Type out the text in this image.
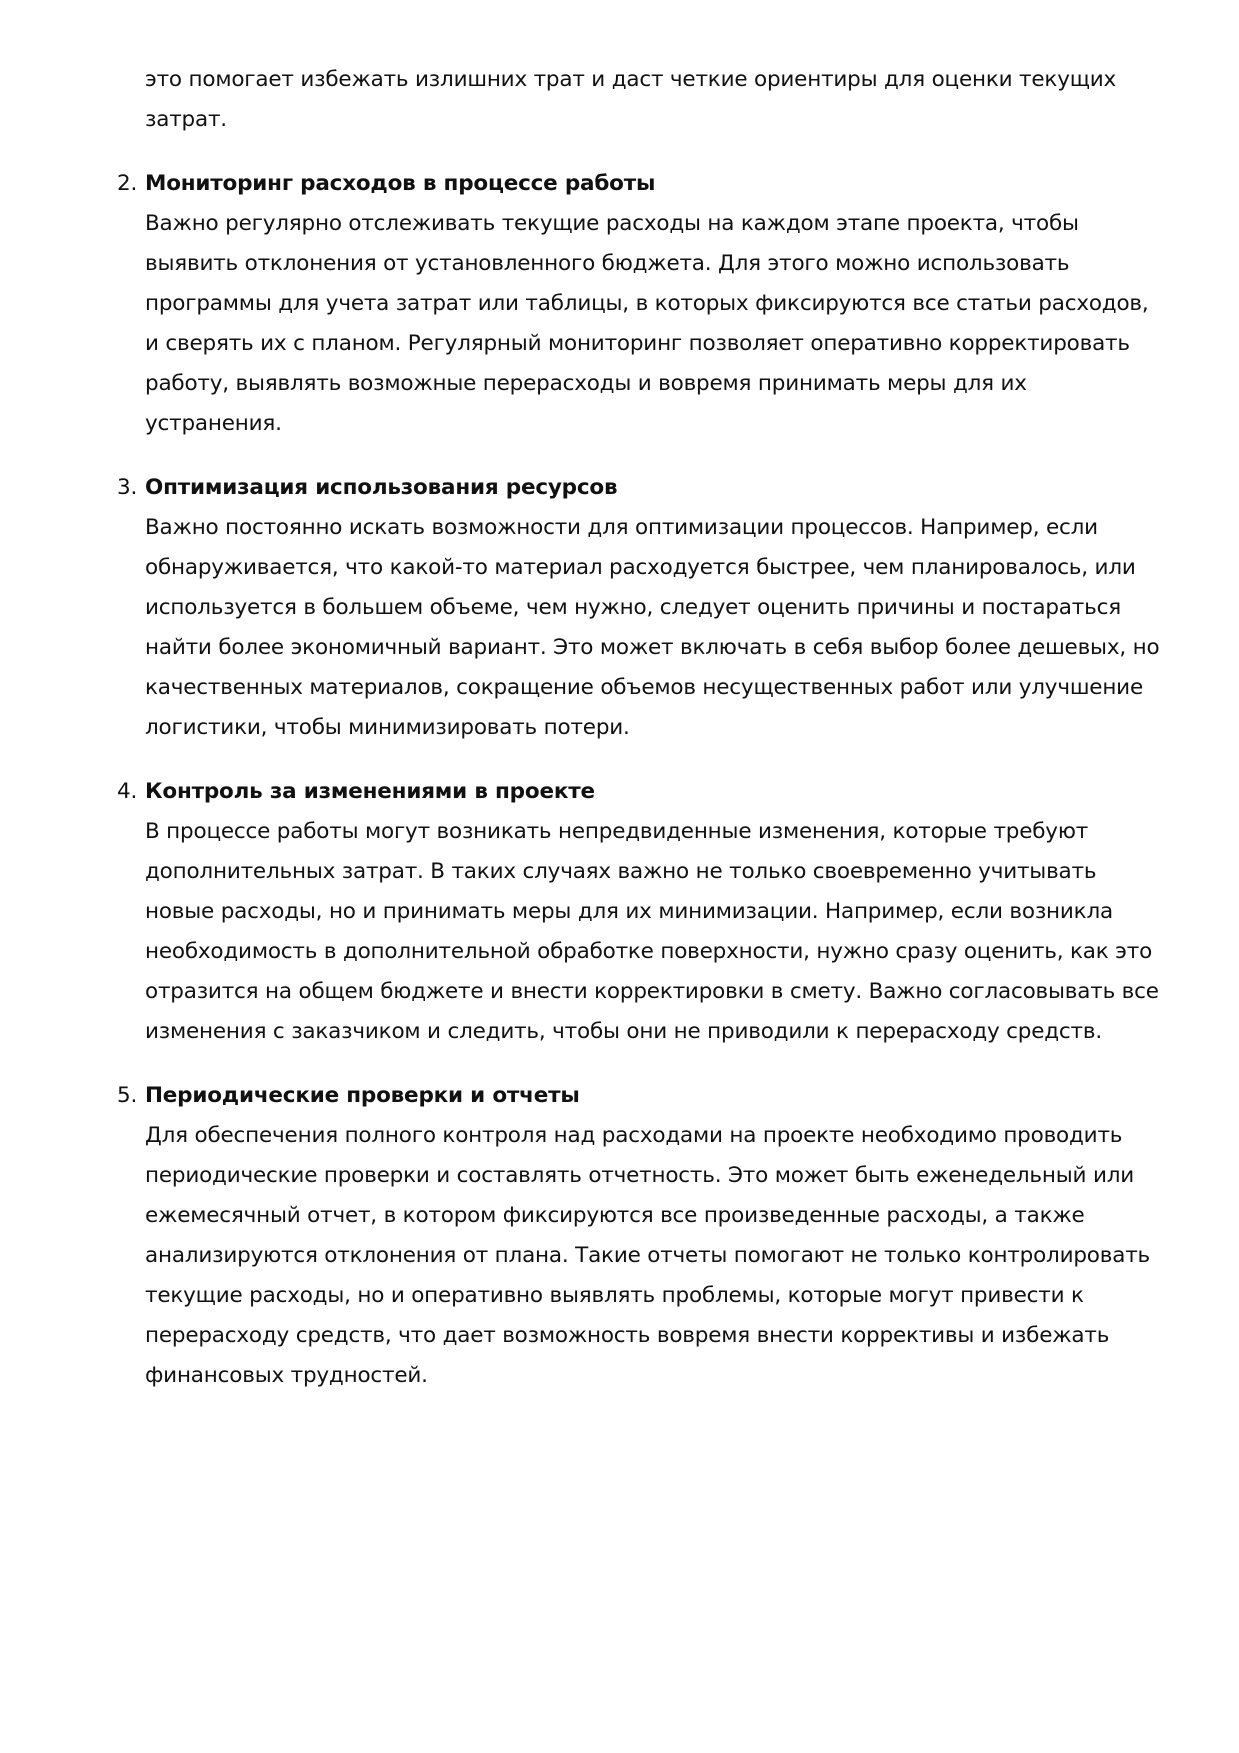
это помогает избежать излишних трат и даст четкие ориентиры для оценки текущих затрат.

2. Мониторинг расходов в процессе работы
Важно регулярно отслеживать текущие расходы на каждом этапе проекта, чтобы выявить отклонения от установленного бюджета. Для этого можно использовать программы для учета затрат или таблицы, в которых фиксируются все статьи расходов, и сверять их с планом. Регулярный мониторинг позволяет оперативно корректировать работу, выявлять возможные перерасходы и вовремя принимать меры для их устранения.
3. Оптимизация использования ресурсов
Важно постоянно искать возможности для оптимизации процессов. Например, если обнаруживается, что какой-то материал расходуется быстрее, чем планировалось, или используется в большем объеме, чем нужно, следует оценить причины и постараться найти более экономичный вариант. Это может включать в себя выбор более дешевых, но качественных материалов, сокращение объемов несущественных работ или улучшение логистики, чтобы минимизировать потери.
4. Контроль за изменениями в проекте
В процессе работы могут возникать непредвиденные изменения, которые требуют дополнительных затрат. В таких случаях важно не только своевременно учитывать новые расходы, но и принимать меры для их минимизации. Например, если возникла необходимость в дополнительной обработке поверхности, нужно сразу оценить, как это отразится на общем бюджете и внести корректировки в смету. Важно согласовывать все изменения с заказчиком и следить, чтобы они не приводили к перерасходу средств.
5. Периодические проверки и отчеты
Для обеспечения полного контроля над расходами на проекте необходимо проводить периодические проверки и составлять отчетность. Это может быть еженедельный или ежемесячный отчет, в котором фиксируются все произведенные расходы, а также анализируются отклонения от плана. Такие отчеты помогают не только контролировать текущие расходы, но и оперативно выявлять проблемы, которые могут привести к перерасходу средств, что дает возможность вовремя внести коррективы и избежать финансовых трудностей.
